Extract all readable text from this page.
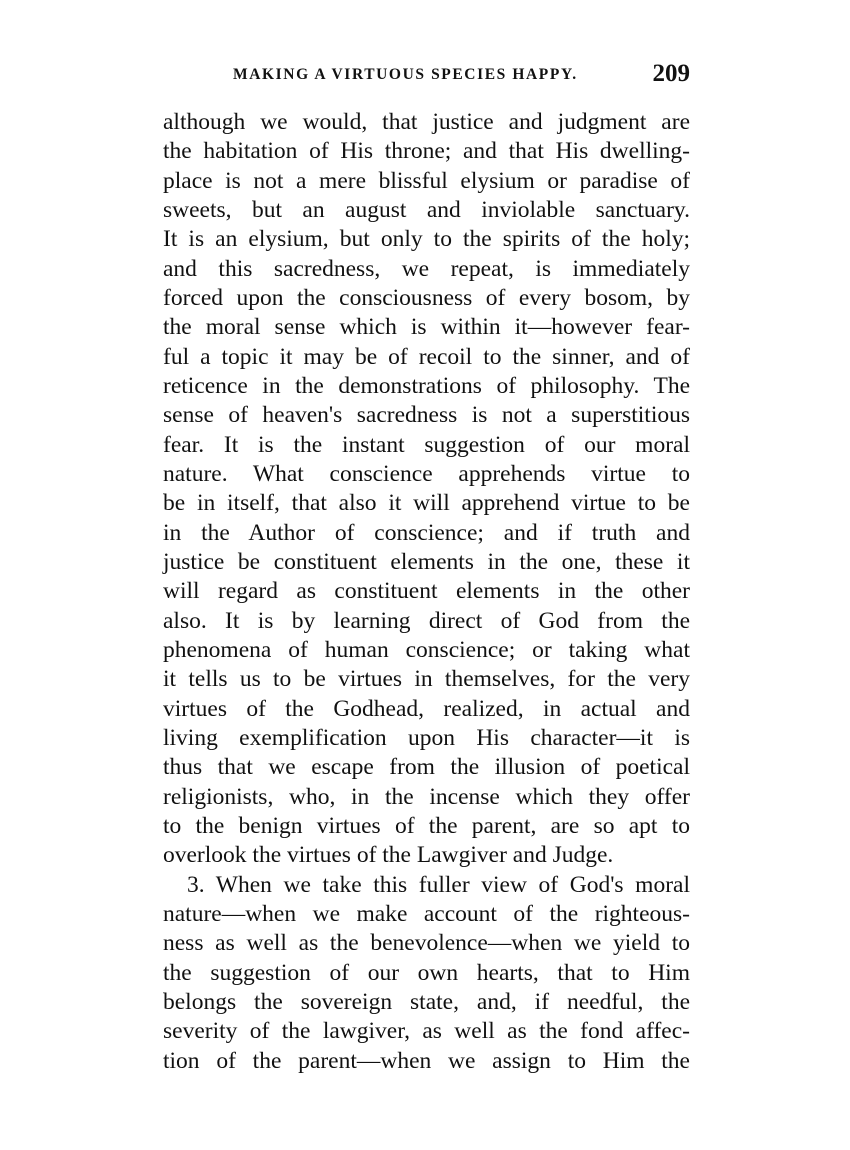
MAKING A VIRTUOUS SPECIES HAPPY.	209
although we would, that justice and judgment are
the habitation of His throne; and that His dwelling-
place is not a mere blissful elysium or paradise of
sweets, but an august and inviolable sanctuary.
It is an elysium, but only to the spirits of the holy;
and this sacredness, we repeat, is immediately
forced upon the consciousness of every bosom, by
the moral sense which is within it—however fear-
ful a topic it may be of recoil to the sinner, and of
reticence in the demonstrations of philosophy. The
sense of heaven's sacredness is not a superstitious
fear. It is the instant suggestion of our moral
nature. What conscience apprehends virtue to
be in itself, that also it will apprehend virtue to be
in the Author of conscience; and if truth and
justice be constituent elements in the one, these it
will regard as constituent elements in the other
also. It is by learning direct of God from the
phenomena of human conscience; or taking what
it tells us to be virtues in themselves, for the very
virtues of the Godhead, realized, in actual and
living exemplification upon His character—it is
thus that we escape from the illusion of poetical
religionists, who, in the incense which they offer
to the benign virtues of the parent, are so apt to
overlook the virtues of the Lawgiver and Judge.
3. When we take this fuller view of God's moral
nature—when we make account of the righteous-
ness as well as the benevolence—when we yield to
the suggestion of our own hearts, that to Him
belongs the sovereign state, and, if needful, the
severity of the lawgiver, as well as the fond affec-
tion of the parent—when we assign to Him the
